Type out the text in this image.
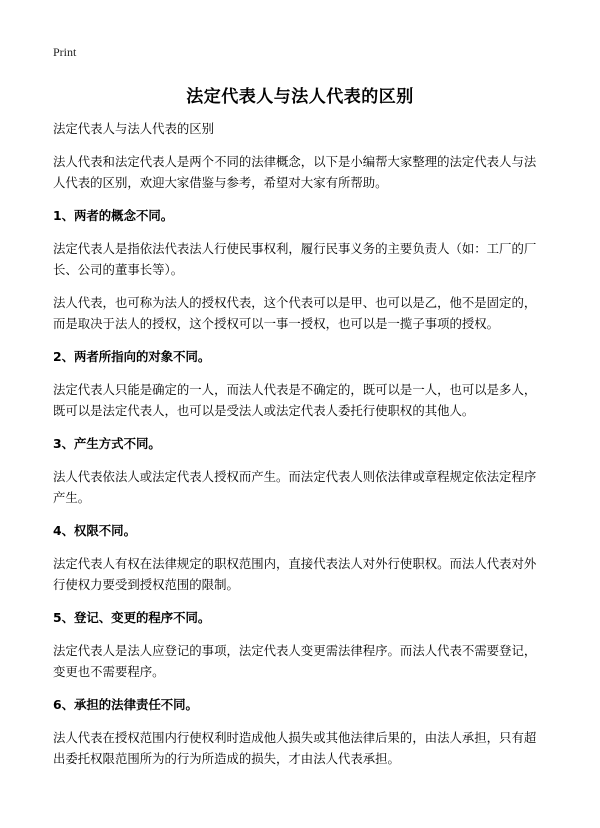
Print
法定代表人与法人代表的区别

法定代表人与法人代表的区别

法人代表和法定代表人是两个不同的法律概念，以下是小编帮大家整理的法定代表人与法人代表的区别，欢迎大家借鉴与参考，希望对大家有所帮助。

1、两者的概念不同。

法定代表人是指依法代表法人行使民事权利，履行民事义务的主要负责人（如：工厂的厂长、公司的董事长等）。

法人代表，也可称为法人的授权代表，这个代表可以是甲、也可以是乙，他不是固定的，而是取决于法人的授权，这个授权可以一事一授权，也可以是一揽子事项的授权。

2、两者所指向的对象不同。

法定代表人只能是确定的一人，而法人代表是不确定的，既可以是一人，也可以是多人，既可以是法定代表人，也可以是受法人或法定代表人委托行使职权的其他人。

3、产生方式不同。

法人代表依法人或法定代表人授权而产生。而法定代表人则依法律或章程规定依法定程序产生。

4、权限不同。

法定代表人有权在法律规定的职权范围内，直接代表法人对外行使职权。而法人代表对外行使权力要受到授权范围的限制。

5、登记、变更的程序不同。

法定代表人是法人应登记的事项，法定代表人变更需法律程序。而法人代表不需要登记，变更也不需要程序。

6、承担的法律责任不同。

法人代表在授权范围内行使权利时造成他人损失或其他法律后果的，由法人承担，只有超出委托权限范围所为的行为所造成的损失，才由法人代表承担。
